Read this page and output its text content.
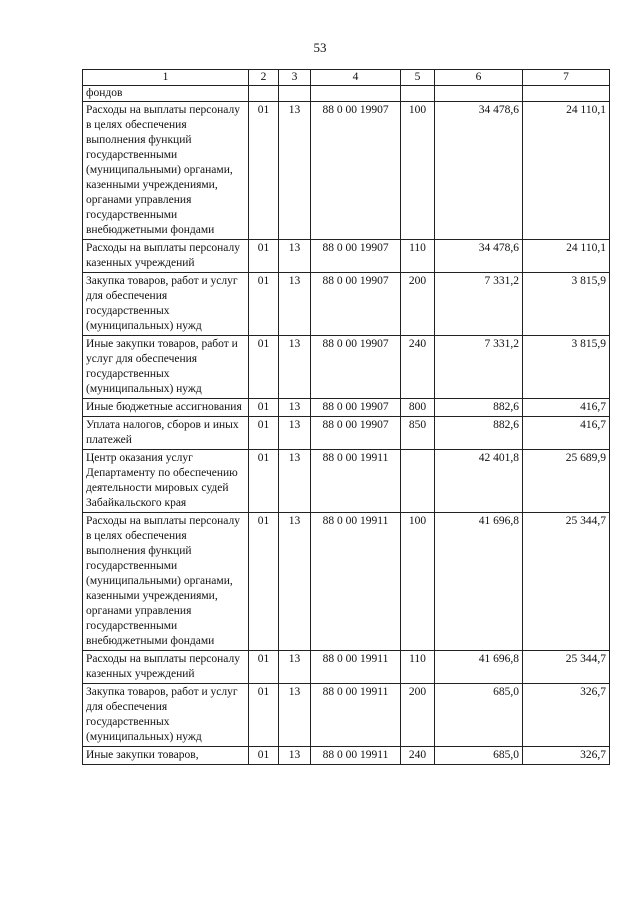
53
1	2	3	4	5	6	7
фондов						
Расходы на выплаты персоналу в целях обеспечения выполнения функций государственными (муниципальными) органами, казенными учреждениями, органами управления государственными внебюджетными фондами	01	13	88 0 00 19907	100	34 478,6	24 110,1
Расходы на выплаты персоналу казенных учреждений	01	13	88 0 00 19907	110	34 478,6	24 110,1
Закупка товаров, работ и услуг для обеспечения государственных (муниципальных) нужд	01	13	88 0 00 19907	200	7 331,2	3 815,9
Иные закупки товаров, работ и услуг для обеспечения государственных (муниципальных) нужд	01	13	88 0 00 19907	240	7 331,2	3 815,9
Иные бюджетные ассигнования	01	13	88 0 00 19907	800	882,6	416,7
Уплата налогов, сборов и иных платежей	01	13	88 0 00 19907	850	882,6	416,7
Центр оказания услуг Департаменту по обеспечению деятельности мировых судей Забайкальского края	01	13	88 0 00 19911		42 401,8	25 689,9
Расходы на выплаты персоналу в целях обеспечения выполнения функций государственными (муниципальными) органами, казенными учреждениями, органами управления государственными внебюджетными фондами	01	13	88 0 00 19911	100	41 696,8	25 344,7
Расходы на выплаты персоналу казенных учреждений	01	13	88 0 00 19911	110	41 696,8	25 344,7
Закупка товаров, работ и услуг для обеспечения государственных (муниципальных) нужд	01	13	88 0 00 19911	200	685,0	326,7
Иные закупки товаров,	01	13	88 0 00 19911	240	685,0	326,7
